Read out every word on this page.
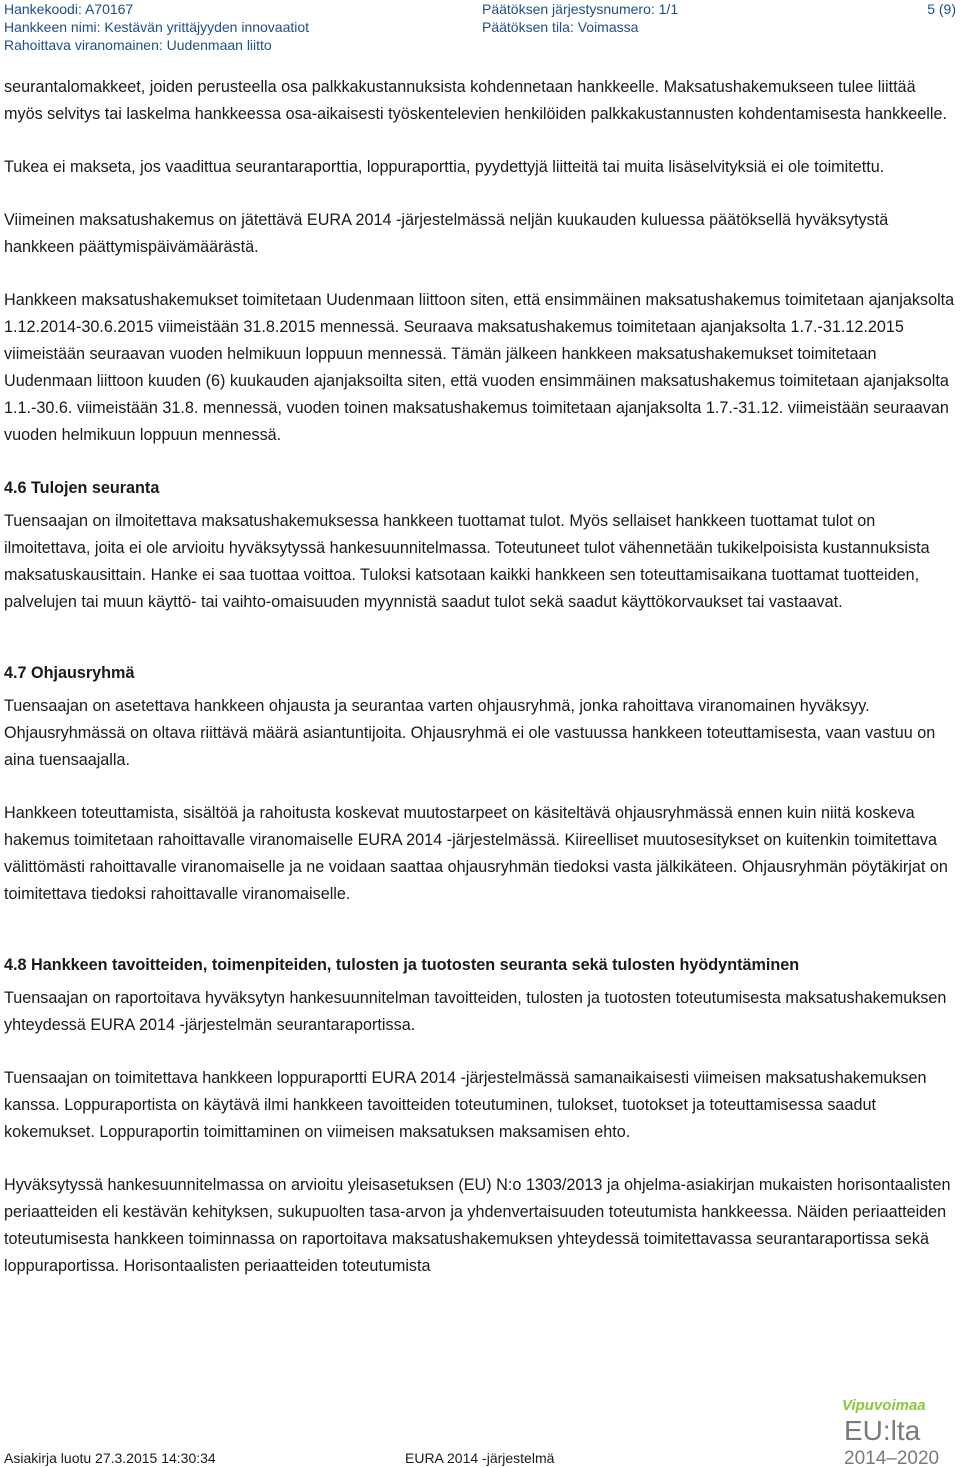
Hankekoodi: A70167
Hankkeen nimi: Kestävän yrittäjyyden innovaatiot
Rahoittava viranomainen: Uudenmaan liitto
Päätöksen järjestysnumero: 1/1
Päätöksen tila: Voimassa
5 (9)

seurantalomakkeet, joiden perusteella osa palkkakustannuksista kohdennetaan hankkeelle. Maksatushakemukseen tulee liittää myös selvitys tai laskelma hankkeessa osa-aikaisesti työskentelevien henkilöiden palkkakustannusten kohdentamisesta hankkeelle.

Tukea ei makseta, jos vaadittua seurantaraporttia, loppuraporttia, pyydettyjä liitteitä tai muita lisäselvityksiä ei ole toimitettu.

Viimeinen maksatushakemus on jätettävä EURA 2014 -järjestelmässä neljän kuukauden kuluessa päätöksellä hyväksytystä hankkeen päättymispäivämäärästä.

Hankkeen maksatushakemukset toimitetaan Uudenmaan liittoon siten, että ensimmäinen maksatushakemus toimitetaan ajanjaksolta 1.12.2014-30.6.2015 viimeistään 31.8.2015 mennessä. Seuraava maksatushakemus toimitetaan ajanjaksolta 1.7.-31.12.2015 viimeistään seuraavan vuoden helmikuun loppuun mennessä. Tämän jälkeen hankkeen maksatushakemukset toimitetaan Uudenmaan liittoon kuuden (6) kuukauden ajanjaksoilta siten, että vuoden ensimmäinen maksatushakemus toimitetaan ajanjaksolta 1.1.-30.6. viimeistään 31.8. mennessä, vuoden toinen maksatushakemus toimitetaan ajanjaksolta 1.7.-31.12. viimeistään seuraavan vuoden helmikuun loppuun mennessä.

4.6 Tulojen seuranta

Tuensaajan on ilmoitettava maksatushakemuksessa hankkeen tuottamat tulot. Myös sellaiset hankkeen tuottamat tulot on ilmoitettava, joita ei ole arvioitu hyväksytyssä hankesuunnitelmassa. Toteutuneet tulot vähennetään tukikelpoisista kustannuksista maksatuskausittain. Hanke ei saa tuottaa voittoa. Tuloksi katsotaan kaikki hankkeen sen toteuttamisaikana tuottamat tuotteiden, palvelujen tai muun käyttö- tai vaihto-omaisuuden myynnistä saadut tulot sekä saadut käyttökorvaukset tai vastaavat.

4.7 Ohjausryhmä

Tuensaajan on asetettava hankkeen ohjausta ja seurantaa varten ohjausryhmä, jonka rahoittava viranomainen hyväksyy. Ohjausryhmässä on oltava riittävä määrä asiantuntijoita. Ohjausryhmä ei ole vastuussa hankkeen toteuttamisesta, vaan vastuu on aina tuensaajalla.

Hankkeen toteuttamista, sisältöä ja rahoitusta koskevat muutostarpeet on käsiteltävä ohjausryhmässä ennen kuin niitä koskeva hakemus toimitetaan rahoittavalle viranomaiselle EURA 2014 -järjestelmässä. Kiireelliset muutosesitykset on kuitenkin toimitettava välittömästi rahoittavalle viranomaiselle ja ne voidaan saattaa ohjausryhmän tiedoksi vasta jälkikäteen. Ohjausryhmän pöytäkirjat on toimitettava tiedoksi rahoittavalle viranomaiselle.

4.8 Hankkeen tavoitteiden, toimenpiteiden, tulosten ja tuotosten seuranta sekä tulosten hyödyntäminen

Tuensaajan on raportoitava hyväksytyn hankesuunnitelman tavoitteiden, tulosten ja tuotosten toteutumisesta maksatushakemuksen yhteydessä EURA 2014 -järjestelmän seurantaraportissa.

Tuensaajan on toimitettava hankkeen loppuraportti EURA 2014 -järjestelmässä samanaikaisesti viimeisen maksatushakemuksen kanssa. Loppuraportista on käytävä ilmi hankkeen tavoitteiden toteutuminen, tulokset, tuotokset ja toteuttamisessa saadut kokemukset. Loppuraportin toimittaminen on viimeisen maksatuksen maksamisen ehto.

Hyväksytyssä hankesuunnitelmassa on arvioitu yleisasetuksen (EU) N:o 1303/2013 ja ohjelma-asiakirjan mukaisten horisontaalisten periaatteiden eli kestävän kehityksen, sukupuolten tasa-arvon ja yhdenvertaisuuden toteutumista hankkeessa. Näiden periaatteiden toteutumisesta hankkeen toiminnassa on raportoitava maksatushakemuksen yhteydessä toimitettavassa seurantaraportissa sekä loppuraportissa. Horisontaalisten periaatteiden toteutumista

Vipuvoimaa
EU:lta
2014–2020
Asiakirja luotu 27.3.2015 14:30:34	EURA 2014 -järjestelmä
